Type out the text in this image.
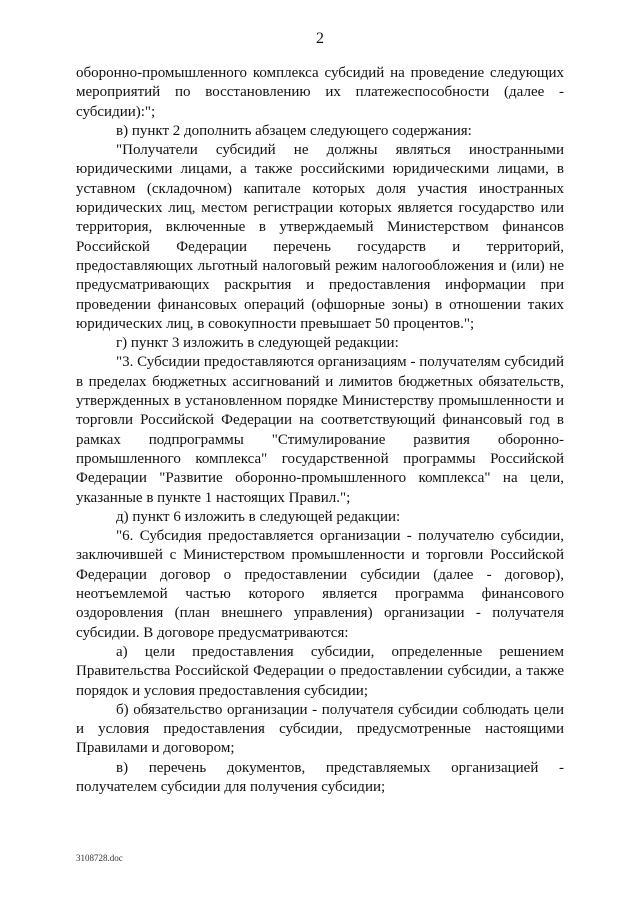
2

оборонно-промышленного комплекса субсидий на проведение следующих мероприятий по восстановлению их платежеспособности (далее - субсидии):";

в) пункт 2 дополнить абзацем следующего содержания:

"Получатели субсидий не должны являться иностранными юридическими лицами, а также российскими юридическими лицами, в уставном (складочном) капитале которых доля участия иностранных юридических лиц, местом регистрации которых является государство или территория, включенные в утверждаемый Министерством финансов Российской Федерации перечень государств и территорий, предоставляющих льготный налоговый режим налогообложения и (или) не предусматривающих раскрытия и предоставления информации при проведении финансовых операций (офшорные зоны) в отношении таких юридических лиц, в совокупности превышает 50 процентов.";

г) пункт 3 изложить в следующей редакции:

"3. Субсидии предоставляются организациям - получателям субсидий в пределах бюджетных ассигнований и лимитов бюджетных обязательств, утвержденных в установленном порядке Министерству промышленности и торговли Российской Федерации на соответствующий финансовый год в рамках подпрограммы "Стимулирование развития оборонно-промышленного комплекса" государственной программы Российской Федерации "Развитие оборонно-промышленного комплекса" на цели, указанные в пункте 1 настоящих Правил.";

д) пункт 6 изложить в следующей редакции:

"6. Субсидия предоставляется организации - получателю субсидии, заключившей с Министерством промышленности и торговли Российской Федерации договор о предоставлении субсидии (далее - договор), неотъемлемой частью которого является программа финансового оздоровления (план внешнего управления) организации - получателя субсидии. В договоре предусматриваются:

а) цели предоставления субсидии, определенные решением Правительства Российской Федерации о предоставлении субсидии, а также порядок и условия предоставления субсидии;

б) обязательство организации - получателя субсидии соблюдать цели и условия предоставления субсидии, предусмотренные настоящими Правилами и договором;

в) перечень документов, представляемых организацией - получателем субсидии для получения субсидии;

3108728.doc
